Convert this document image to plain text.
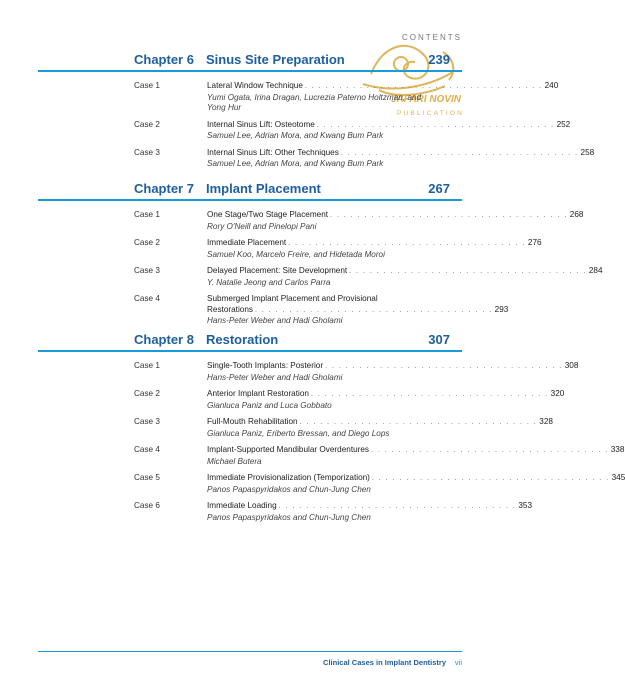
CONTENTS
JAFARI NOVIN
PUBLICATION
Chapter 6 Sinus Site Preparation	239
Case 1	Lateral Window Technique . . . . . . . . . . . . . . . . . . . . . . . . . . . . . . . . . . . 240
Yumi Ogata, Irina Dragan, Lucrezia Paterno Holtzman, and
Yong Hur
Case 2	Internal Sinus Lift: Osteotome . . . . . . . . . . . . . . . . . . . . . . . . . . . . . . . . . . . 252
Samuel Lee, Adrian Mora, and Kwang Bum Park
Case 3	Internal Sinus Lift: Other Techniques . . . . . . . . . . . . . . . . . . . . . . . . . . . . . . . . . . . 258
Samuel Lee, Adrian Mora, and Kwang Bum Park
Chapter 7 Implant Placement	267
Case 1	One Stage/Two Stage Placement . . . . . . . . . . . . . . . . . . . . . . . . . . . . . . . . . . . 268
Rory O'Neill and Pinelopi Pani
Case 2	Immediate Placement . . . . . . . . . . . . . . . . . . . . . . . . . . . . . . . . . . . 276
Samuel Koo, Marcelo Freire, and Hidetada Moroi
Case 3	Delayed Placement: Site Development . . . . . . . . . . . . . . . . . . . . . . . . . . . . . . . . . . . 284
Y. Natalie Jeong and Carlos Parra
Case 4	Submerged Implant Placement and Provisional
Restorations . . . . . . . . . . . . . . . . . . . . . . . . . . . . . . . . . . . 293
Hans-Peter Weber and Hadi Gholami
Chapter 8 Restoration	307
Case 1	Single-Tooth Implants: Posterior . . . . . . . . . . . . . . . . . . . . . . . . . . . . . . . . . . . 308
Hans-Peter Weber and Hadi Gholami
Case 2	Anterior Implant Restoration . . . . . . . . . . . . . . . . . . . . . . . . . . . . . . . . . . . 320
Gianluca Paniz and Luca Gobbato
Case 3	Full-Mouth Rehabilitation . . . . . . . . . . . . . . . . . . . . . . . . . . . . . . . . . . . 328
Gianluca Paniz, Eriberto Bressan, and Diego Lops
Case 4	Implant-Supported Mandibular Overdentures . . . . . . . . . . . . . . . . . . . . . . . . . . . . . . . . . . . 338
Michael Butera
Case 5	Immediate Provisionalization (Temporization) . . . . . . . . . . . . . . . . . . . . . . . . . . . . . . . . . . . 345
Panos Papaspyridakos and Chun-Jung Chen
Case 6	Immediate Loading . . . . . . . . . . . . . . . . . . . . . . . . . . . . . . . . . . . 353
Panos Papaspyridakos and Chun-Jung Chen
Clinical Cases in Implant Dentistry vii
